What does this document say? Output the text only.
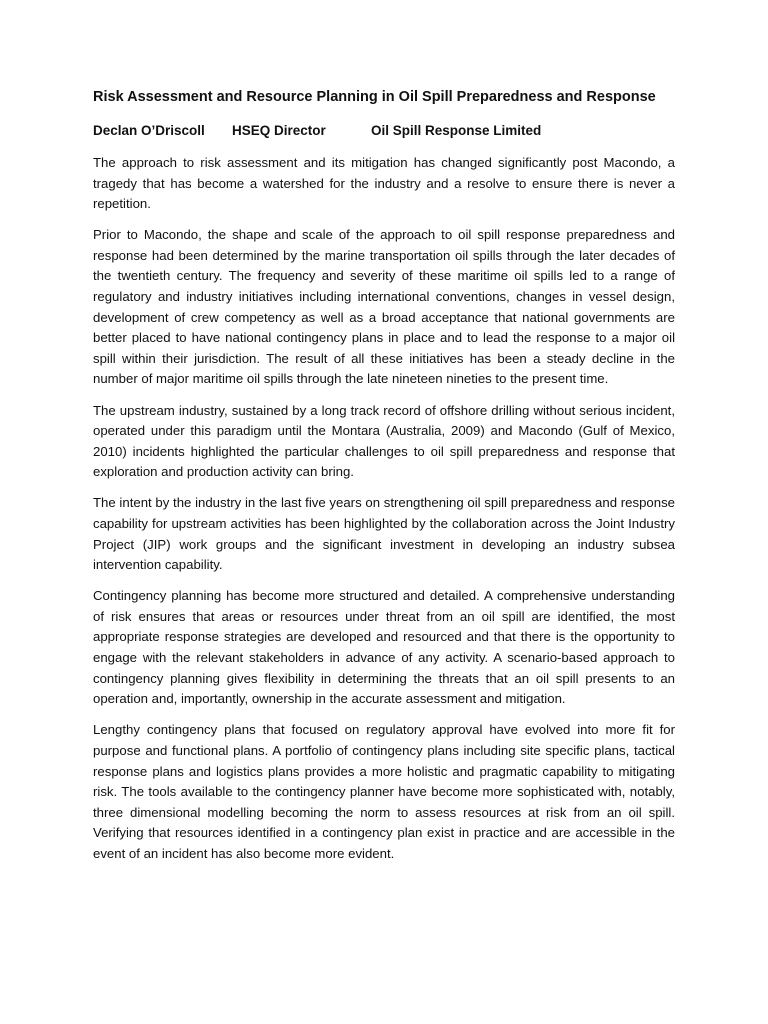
Risk Assessment and Resource Planning in Oil Spill Preparedness and Response
Declan O’Driscoll HSEQ Director	Oil Spill Response Limited

The approach to risk assessment and its mitigation has changed significantly post Macondo, a tragedy that has become a watershed for the industry and a resolve to ensure there is never a repetition.

Prior to Macondo, the shape and scale of the approach to oil spill response preparedness and response had been determined by the marine transportation oil spills through the later decades of the twentieth century. The frequency and severity of these maritime oil spills led to a range of regulatory and industry initiatives including international conventions, changes in vessel design, development of crew competency as well as a broad acceptance that national governments are better placed to have national contingency plans in place and to lead the response to a major oil spill within their jurisdiction. The result of all these initiatives has been a steady decline in the number of major maritime oil spills through the late nineteen nineties to the present time.

The upstream industry, sustained by a long track record of offshore drilling without serious incident, operated under this paradigm until the Montara (Australia, 2009) and Macondo (Gulf of Mexico, 2010) incidents highlighted the particular challenges to oil spill preparedness and response that exploration and production activity can bring.

The intent by the industry in the last five years on strengthening oil spill preparedness and response capability for upstream activities has been highlighted by the collaboration across the Joint Industry Project (JIP) work groups and the significant investment in developing an industry subsea intervention capability.

Contingency planning has become more structured and detailed. A comprehensive understanding of risk ensures that areas or resources under threat from an oil spill are identified, the most appropriate response strategies are developed and resourced and that there is the opportunity to engage with the relevant stakeholders in advance of any activity. A scenario-based approach to contingency planning gives flexibility in determining the threats that an oil spill presents to an operation and, importantly, ownership in the accurate assessment and mitigation.

Lengthy contingency plans that focused on regulatory approval have evolved into more fit for purpose and functional plans. A portfolio of contingency plans including site specific plans, tactical response plans and logistics plans provides a more holistic and pragmatic capability to mitigating risk. The tools available to the contingency planner have become more sophisticated with, notably, three dimensional modelling becoming the norm to assess resources at risk from an oil spill. Verifying that resources identified in a contingency plan exist in practice and are accessible in the event of an incident has also become more evident.
